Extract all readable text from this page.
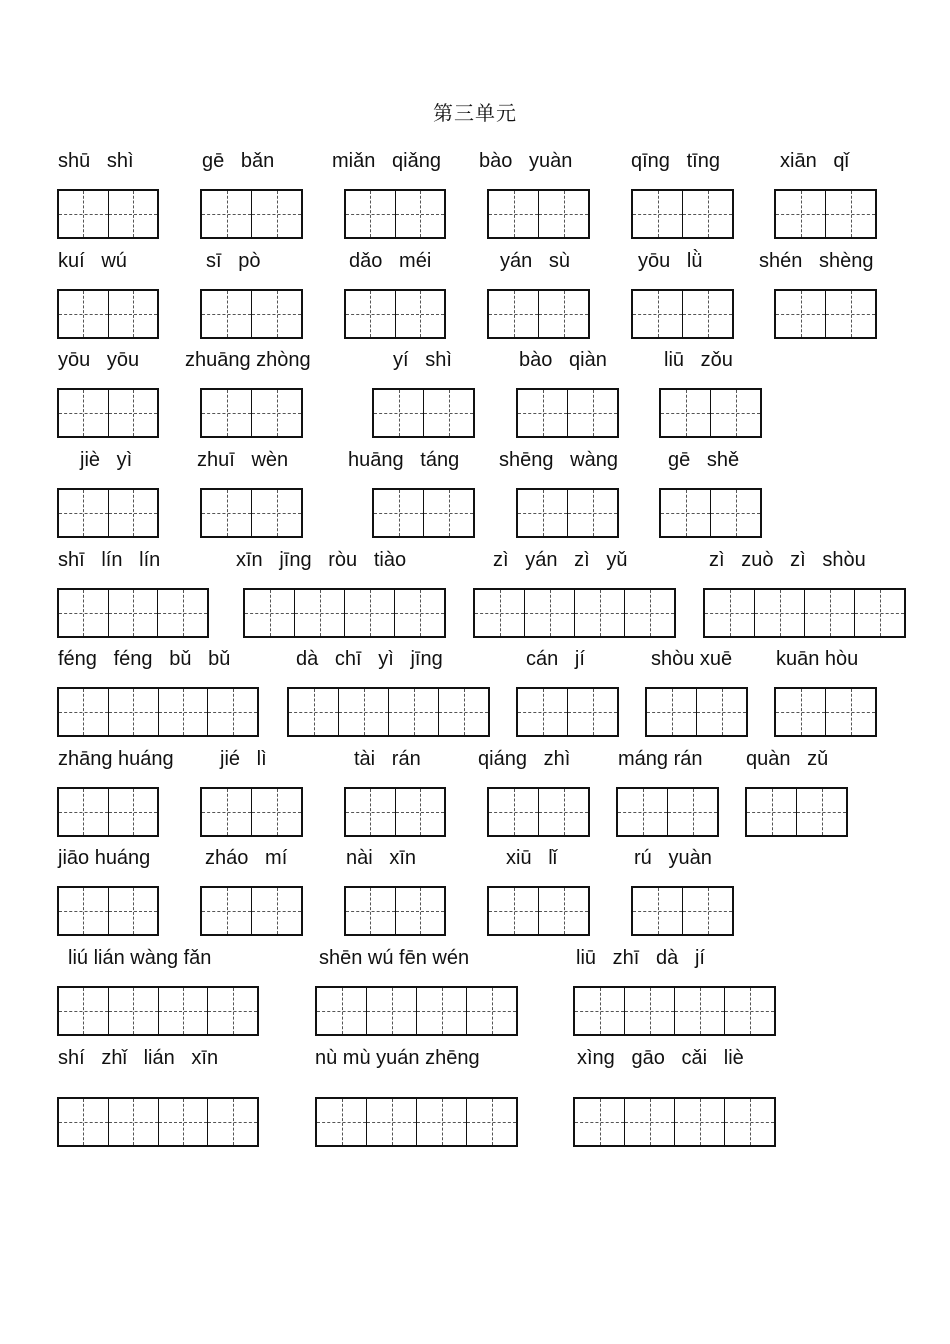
第三单元
shū   shì	gē   bǎn	miǎn   qiǎng bào   yuàn	qīng   tīng	xiān   qǐ
kuí   wú	sī   pò	dǎo   méi	yán   sù	yōu   lǜ	shén   shèng
yōu   yōu zhuāng zhòng	yí   shì	bào   qiàn	liū   zǒu
jiè   yì	zhuī   wèn	huāng   táng shēng   wàng	gē   shě
shī   lín   lín	xīn   jīng   ròu   tiào	zì   yán   zì   yǔ	zì   zuò   zì   shòu
féng   féng   bǔ   bǔ	dà   chī   yì   jīng	cán   jí	shòu xuē kuān hòu
zhāng huáng jié   lì	tài   rán	qiáng   zhì máng rán quàn   zǔ
jiāo huáng	zháo   mí	nài   xīn	xiū   lǐ	rú   yuàn
liú lián wàng fǎn	shēn wú fēn wén	liū   zhī   dà   jí
shí   zhǐ   lián   xīn	nù mù yuán zhēng	xìng   gāo   cǎi   liè
